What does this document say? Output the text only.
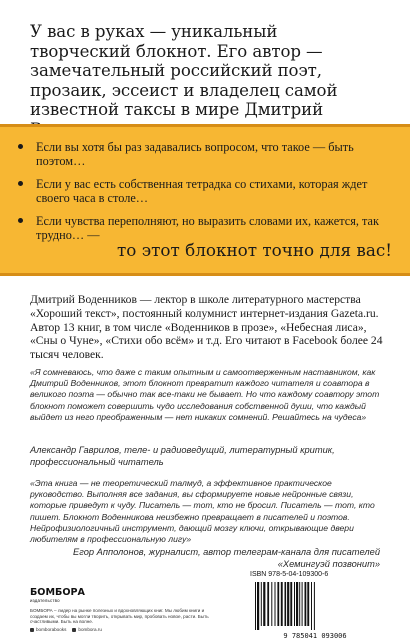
У вас в руках — уникальный творческий блокнот. Его автор — замечательный российский поэт, прозаик, эссеист и владелец самой известной таксы в мире Дмитрий

Если вы хотя бы раз задавались вопросом, что такое — быть поэтом…
Если у вас есть собственная тетрадка со стихами, которая ждет своего часа в столе…
Если чувства переполняют, но выразить словами их, кажется, так трудно… —
то этот блокнот точно для вас!

Дмитрий Воденников — лектор в школе литературного мастерства «Хороший текст», постоянный колумнист интернет-издания Gazeta.ru. Автор 13 книг, в том числе «Воденников в прозе», «Небесная лиса», «Сны о Чуне», «Стихи обо всём» и т.д. Его читают в Facebook более 24 тысяч человек.

«Я сомневаюсь, что даже с таким опытным и самоотверженным наставником, как Дмитрий Воденников, этот блокнот превратит каждого читателя и соавтора в великого поэта — обычно так все-таки не бывает. Но что каждому соавтору этот блокнот поможет совершить чудо исследования собственной души, что каждый выйдет из него преображенным — нет никаких сомнений. Решайтесь на чудеса»

Александр Гаврилов, теле- и радиоведущий, литературный критик, профессиональный читатель

«Эта книга — не теоретический талмуд, а эффективное практическое руководство. Выполняя все задания, вы сформируете новые нейронные связи, которые приведут к чуду. Писатель — тот, кто не бросил. Писатель — тот, кто пишет. Блокнот Воденникова неизбежно превращает в писателей и поэтов. Нейрофизиологичный инструмент, дающий мозгу ключи, открывающие двери любителям в профессиональную лигу»

Егор Апполонов, журналист, автор телеграм-канала для писателей «Хемингуэй позвонит»

БОМБОРА
издательство

БОМБОРА – лидер на рынке полезных и вдохновляющих книг. Мы любим книги и создаем их, чтобы вы могли творить, открывать мир, пробовать новое, расти. Быть счастливыми. Быть на волне.

bomborabooks	bombora.ru
ISBN 978-5-04-109300-6
9 785041 093006
